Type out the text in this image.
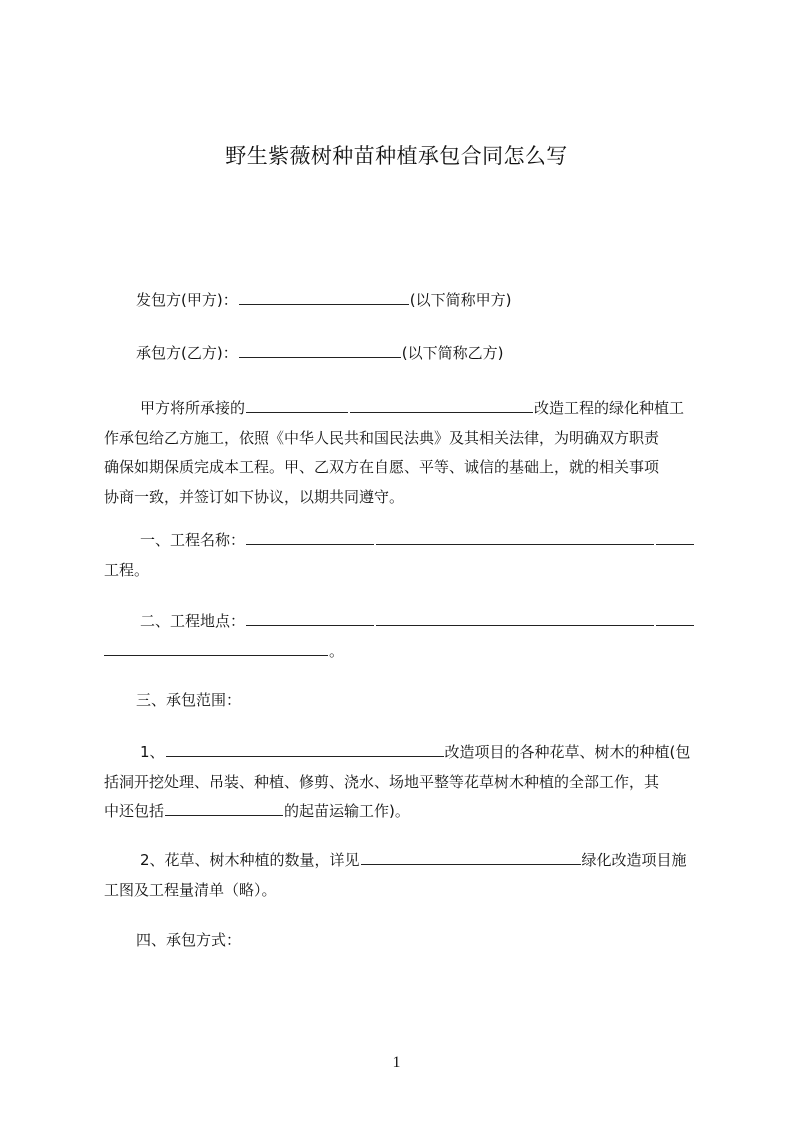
野生紫薇树种苗种植承包合同怎么写
发包方(甲方)：	(以下简称甲方)
承包方(乙方)：	(以下简称乙方)
甲方将所承接的	改造工程的绿化种植工
作承包给乙方施工，依照《中华人民共和国民法典》及其相关法律，为明确双方职责
确保如期保质完成本工程。甲、乙双方在自愿、平等、诚信的基础上，就的相关事项
协商一致，并签订如下协议，以期共同遵守。
一、工程名称：
工程。
二、工程地点：
。
三、承包范围：
1、	改造项目的各种花草、树木的种植(包
括洞开挖处理、吊装、种植、修剪、浇水、场地平整等花草树木种植的全部工作，其
中还包括	的起苗运输工作)。
2、花草、树木种植的数量，详见	绿化改造项目施
工图及工程量清单（略）。
四、承包方式：
1
